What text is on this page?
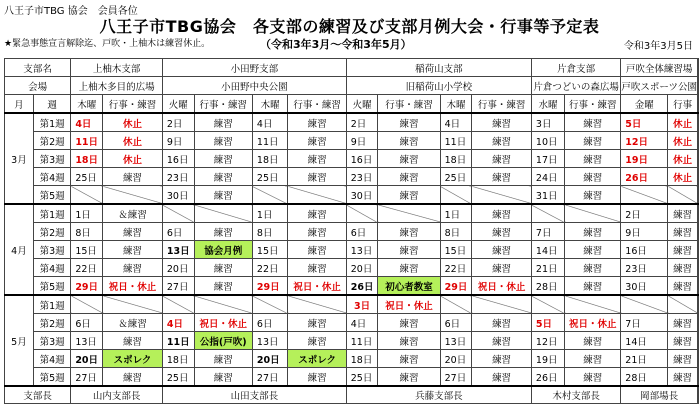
八王子市TBG 協会　会員各位
八王子市TBG協会　各支部の練習及び支部月例大会・行事等予定表
★緊急事態宣言解除迄、戸吹・上柚木は練習休止。	（令和3年3月～令和3年5月）	令和3年3月5日
支部名		上柚木支部		小田野支部				稲荷山支部				片倉支部		戸吹全体練習場		
会場		上柚木多目的広場		小田野中央公園				旧稲荷山小学校				片倉つどいの森広場		戸吹スポーツ公園		
月	週	木曜	行事・練習	火曜	行事・練習	木曜	行事・練習	火曜	行事・練習	木曜	行事・練習	水曜	行事・練習	金曜	行事	
3月	第1週	4日	休止	2日	練習	4日	練習	2日	練習	4日	練習	3日	練習	5日	休止	
	第2週	11日	休止	9日	練習	11日	練習	9日	練習	11日	練習	10日	練習	12日	休止	
	第3週	18日	休止	16日	練習	18日	練習	16日	練習	18日	練習	17日	練習	19日	休止	
	第4週	25日	練習	23日	練習	25日	練習	23日	練習	25日	練習	24日	練習	26日	休止	
	第5週			30日	練習			30日	練習			31日	練習			
4月	第1週	1日	＆練習			1日	練習			1日	練習			2日	練習	
	第2週	8日	練習	6日	練習	8日	練習	6日	練習	8日	練習	7日	練習	9日	練習	
	第3週	15日	練習	13日	協会月例	15日	練習	13日	練習	15日	練習	14日	練習	16日	練習	
	第4週	22日	練習	20日	練習	22日	練習	20日	練習	22日	練習	21日	練習	23日	練習	
	第5週	29日	祝日・休止	27日	練習	29日	祝日・休止	26日	初心者教室	29日	祝日・休止	28日	練習	30日	練習	
5月	第1週							3日	祝日・休止							
	第2週	6日	＆練習	4日	祝日・休止	6日	練習	4日	練習	6日	練習	5日	祝日・休止	7日	練習	
	第3週	13日	練習	11日	公指(戸吹)	13日	練習	11日	練習	13日	練習	12日	練習	14日	練習	
	第4週	20日	スポレク	18日	練習	20日	スポレク	18日	練習	20日	練習	19日	練習	21日	練習	
	第5週	27日	練習	25日	練習	27日	練習	25日	練習	27日	練習	26日	練習	28日	練習	
支部長		山内支部長		山田支部長				兵藤支部長				木村支部長		岡部場長		
